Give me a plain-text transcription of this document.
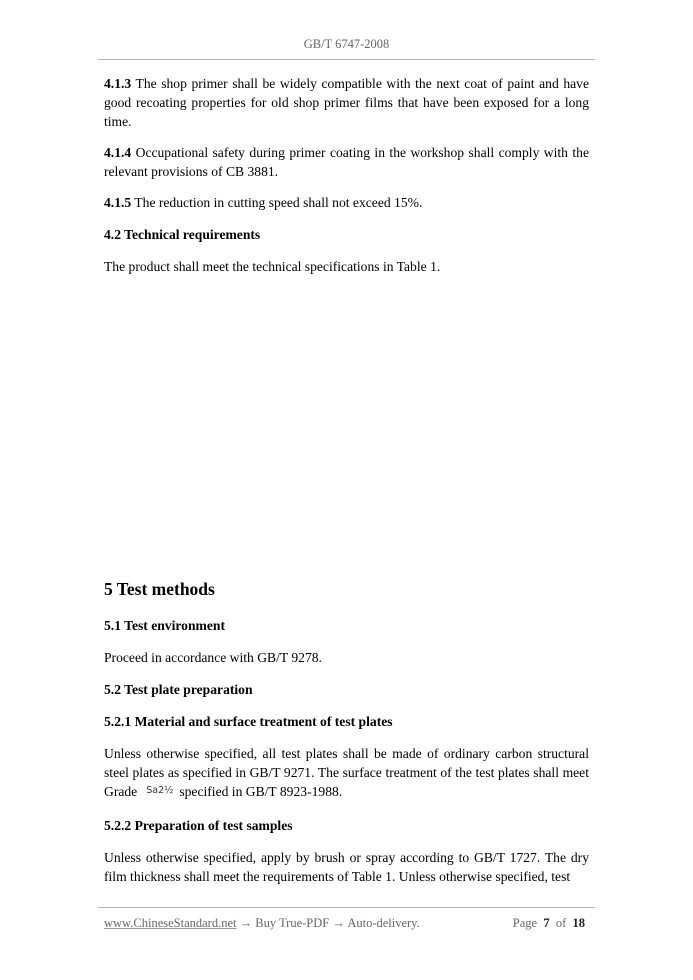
GB/T 6747-2008

4.1.3 The shop primer shall be widely compatible with the next coat of paint and have good recoating properties for old shop primer films that have been exposed for a long time.

4.1.4 Occupational safety during primer coating in the workshop shall comply with the relevant provisions of CB 3881.

4.1.5 The reduction in cutting speed shall not exceed 15%.

4.2 Technical requirements

The product shall meet the technical specifications in Table 1.

5 Test methods

5.1 Test environment

Proceed in accordance with GB/T 9278.

5.2 Test plate preparation

5.2.1 Material and surface treatment of test plates

Unless otherwise specified, all test plates shall be made of ordinary carbon structural steel plates as specified in GB/T 9271. The surface treatment of the test plates shall meet Grade $^{Sa2\frac{1}{2}}$ specified in GB/T 8923-1988.

5.2.2 Preparation of test samples

Unless otherwise specified, apply by brush or spray according to GB/T 1727. The dry film thickness shall meet the requirements of Table 1. Unless otherwise specified, test

www.ChineseStandard.net → Buy True-PDF → Auto-delivery.	Page 7 of 18
